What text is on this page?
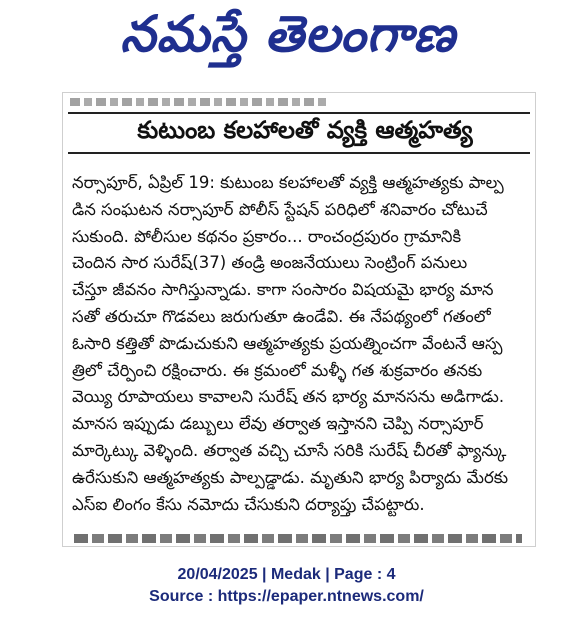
నమస్తే తెలంగాణ
కుటుంబ కలహాలతో వ్యక్తి ఆత్మహత్య

నర్సాపూర్, ఏప్రిల్ 19: కుటుంబ కలహాలతో వ్యక్తి ఆత్మహత్యకు పాల్ప
డిన సంఘటన నర్సాపూర్ పోలీస్ స్టేషన్ పరిధిలో శనివారం చోటుచే
సుకుంది. పోలీసుల కథనం ప్రకారం... రాంచంద్రపురం గ్రామానికి
చెందిన సార సురేష్(37) తండ్రి అంజనేయులు సెంట్రింగ్ పనులు
చేస్తూ జీవనం సాగిస్తున్నాడు. కాగా సంసారం విషయమై భార్య మాన
సతో తరుచూ గొడవలు జరుగుతూ ఉండేవి. ఈ నేపథ్యంలో గతంలో
ఓసారి కత్తితో పొడుచుకుని ఆత్మహత్యకు ప్రయత్నించగా వేంటనే ఆస్ప
త్రిలో చేర్పించి రక్షించారు. ఈ క్రమంలో మళ్ళీ గత శుక్రవారం తనకు
వెయ్యి రూపాయలు కావాలని సురేష్ తన భార్య మానసను అడిగాడు.
మానస ఇప్పుడు డబ్బులు లేవు తర్వాత ఇస్తానని చెప్పి నర్సాపూర్
మార్కెట్కు వెళ్ళింది. తర్వాత వచ్చి చూసే సరికి సురేష్ చీరతో ఫ్యాన్కు
ఉరేసుకుని ఆత్మహత్యకు పాల్పడ్డాడు. మృతుని భార్య పిర్యాదు మేరకు
ఎస్ఐ లింగం కేసు నమోదు చేసుకుని దర్యాప్తు చేపట్టారు.

20/04/2025 | Medak | Page : 4
Source : https://epaper.ntnews.com/
